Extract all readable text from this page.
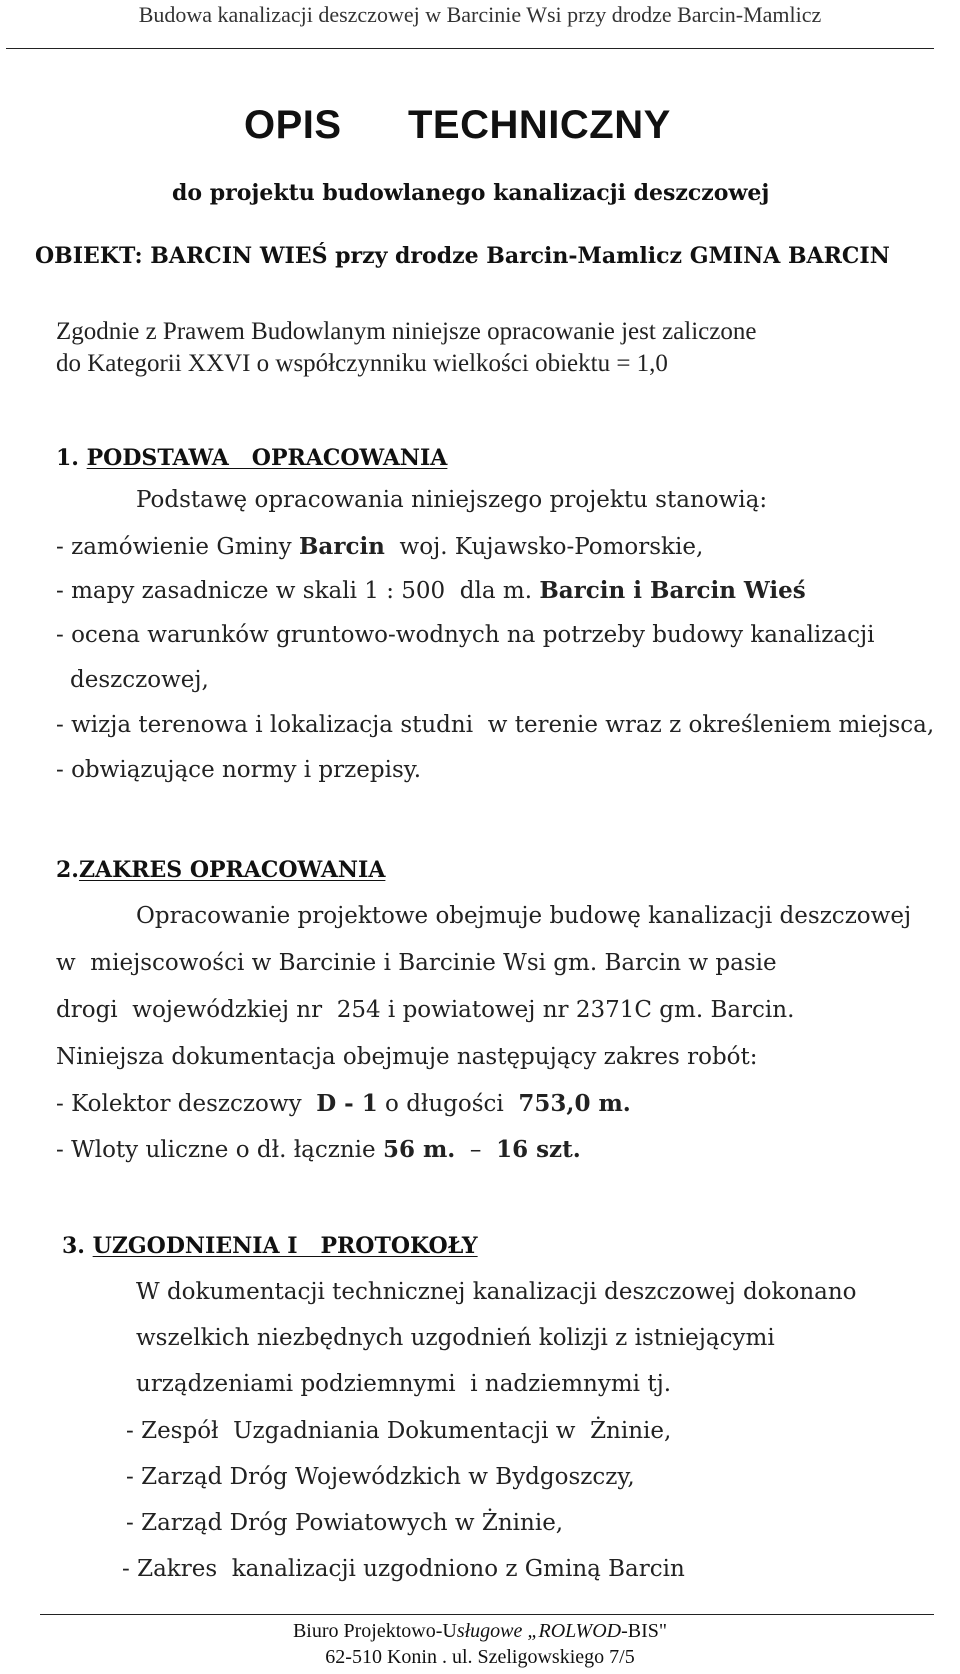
Budowa kanalizacji deszczowej w Barcinie Wsi przy drodze Barcin-Mamlicz
OPIS TECHNICZNY
do projektu budowlanego kanalizacji deszczowej
OBIEKT: BARCIN WIEŚ przy drodze Barcin-Mamlicz GMINA BARCIN
Zgodnie z Prawem Budowlanym niniejsze opracowanie jest zaliczone
do Kategorii XXVI o współczynniku wielkości obiektu = 1,0
1. PODSTAWA   OPRACOWANIA
Podstawę opracowania niniejszego projektu stanowią:
- zamówienie Gminy Barcin  woj. Kujawsko-Pomorskie,
- mapy zasadnicze w skali 1 : 500  dla m. Barcin i Barcin Wieś
- ocena warunków gruntowo-wodnych na potrzeby budowy kanalizacji
deszczowej,
- wizja terenowa i lokalizacja studni  w terenie wraz z określeniem miejsca,
- obwiązujące normy i przepisy.
2.ZAKRES OPRACOWANIA
Opracowanie projektowe obejmuje budowę kanalizacji deszczowej
w  miejscowości w Barcinie i Barcinie Wsi gm. Barcin w pasie
drogi  wojewódzkiej nr  254 i powiatowej nr 2371C gm. Barcin.
Niniejsza dokumentacja obejmuje następujący zakres robót:
- Kolektor deszczowy  D - 1 o długości  753,0 m.
- Wloty uliczne o dł. łącznie 56 m.  –  16 szt.
3. UZGODNIENIA I   PROTOKOŁY
W dokumentacji technicznej kanalizacji deszczowej dokonano
wszelkich niezbędnych uzgodnień kolizji z istniejącymi
urządzeniami podziemnymi  i nadziemnymi tj.
- Zespół  Uzgadniania Dokumentacji w  Żninie,
- Zarząd Dróg Wojewódzkich w Bydgoszczy,
- Zarząd Dróg Powiatowych w Żninie,
- Zakres  kanalizacji uzgodniono z Gminą Barcin
Biuro Projektowo-Usługowe „ROLWOD-BIS"
62-510 Konin . ul. Szeligowskiego 7/5
